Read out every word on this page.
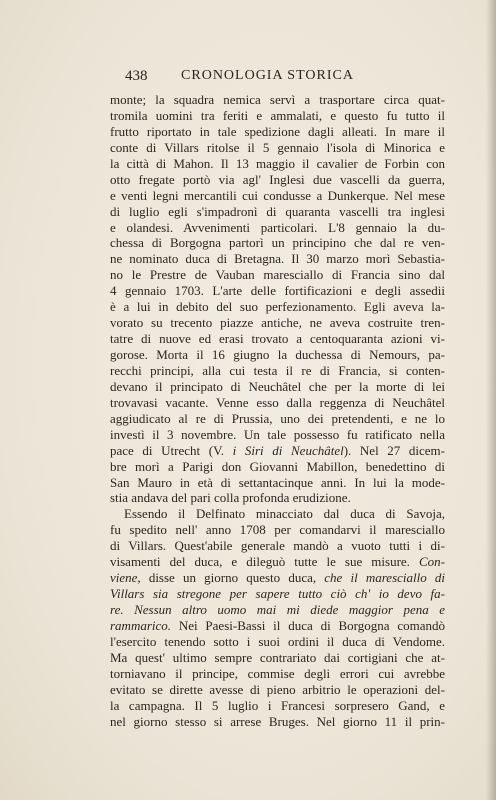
438	CRONOLOGIA STORICA
monte; la squadra nemica servì a trasportare circa quat-
tromila uomini tra feriti e ammalati, e questo fu tutto il
frutto riportato in tale spedizione dagli alleati. In mare il
conte di Villars ritolse il 5 gennaio l'isola di Minorica e
la città di Mahon. Il 13 maggio il cavalier de Forbin con
otto fregate portò via agl' Inglesi due vascelli da guerra,
e venti legni mercantili cui condusse a Dunkerque. Nel mese
di luglio egli s'impadronì di quaranta vascelli tra inglesi
e olandesi. Avvenimenti particolari. L'8 gennaio la du-
chessa di Borgogna partorì un principino che dal re ven-
ne nominato duca di Bretagna. Il 30 marzo morì Sebastia-
no le Prestre de Vauban maresciallo di Francia sino dal
4 gennaio 1703. L'arte delle fortificazioni e degli assedii
è a lui in debito del suo perfezionamento. Egli aveva la-
vorato su trecento piazze antiche, ne aveva costruite tren-
tatre di nuove ed erasi trovato a centoquaranta azioni vi-
gorose. Morta il 16 giugno la duchessa di Nemours, pa-
recchi principi, alla cui testa il re di Francia, si conten-
devano il principato di Neuchâtel che per la morte di lei
trovavasi vacante. Venne esso dalla reggenza di Neuchâtel
aggiudicato al re di Prussia, uno dei pretendenti, e ne lo
investì il 3 novembre. Un tale possesso fu ratificato nella
pace di Utrecht (V. i Siri di Neuchâtel). Nel 27 dicem-
bre morì a Parigi don Giovanni Mabillon, benedettino di
San Mauro in età di settantacinque anni. In lui la mode-
stia andava del pari colla profonda erudizione.
Essendo il Delfinato minacciato dal duca di Savoja,
fu spedito nell' anno 1708 per comandarvi il maresciallo
di Villars. Quest'abile generale mandò a vuoto tutti i di-
visamenti del duca, e dileguò tutte le sue misure. Con-
viene, disse un giorno questo duca, che il maresciallo di
Villars sia stregone per sapere tutto ciò ch' io devo fa-
re. Nessun altro uomo mai mi diede maggior pena e
rammarico. Nei Paesi-Bassi il duca di Borgogna comandò
l'esercito tenendo sotto i suoi ordini il duca di Vendome.
Ma quest' ultimo sempre contrariato dai cortigiani che at-
torniavano il principe, commise degli errori cui avrebbe
evitato se dirette avesse di pieno arbitrio le operazioni del-
la campagna. Il 5 luglio i Francesi sorpresero Gand, e
nel giorno stesso si arrese Bruges. Nel giorno 11 il prin-
